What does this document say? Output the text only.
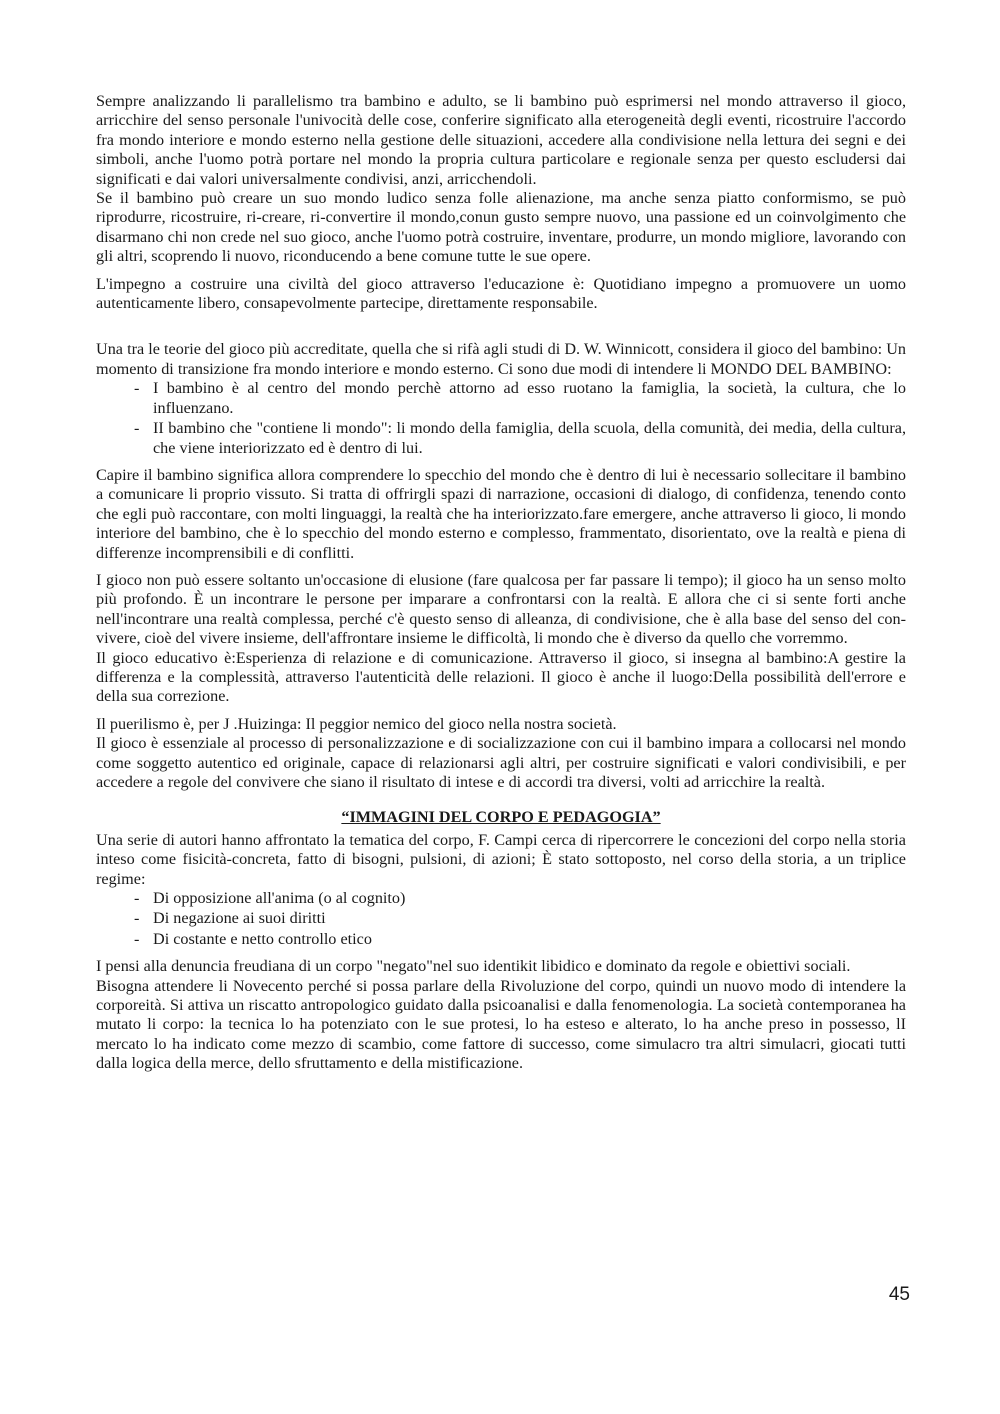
Sempre analizzando li parallelismo tra bambino e adulto, se li bambino può esprimersi nel mondo attraverso il gioco, arricchire del senso personale l'univocità delle cose, conferire significato alla eterogeneità degli eventi, ricostruire l'accordo fra mondo interiore e mondo esterno nella gestione delle situazioni, accedere alla condivisione nella lettura dei segni e dei simboli, anche l'uomo potrà portare nel mondo la propria cultura particolare e regionale senza per questo escludersi dai significati e dai valori universalmente condivisi, anzi, arricchendoli.

Se il bambino può creare un suo mondo ludico senza folle alienazione, ma anche senza piatto conformismo, se può riprodurre, ricostruire, ri-creare, ri-convertire il mondo,conun gusto sempre nuovo, una passione ed un coinvolgimento che disarmano chi non crede nel suo gioco, anche l'uomo potrà costruire, inventare, produrre, un mondo migliore, lavorando con gli altri, scoprendo li nuovo, riconducendo a bene comune tutte le sue opere.

L'impegno a costruire una civiltà del gioco attraverso l'educazione è: Quotidiano impegno a promuovere un uomo autenticamente libero, consapevolmente partecipe, direttamente responsabile.

Una tra le teorie del gioco più accreditate, quella che si rifà agli studi di D. W. Winnicott, considera il gioco del bambino: Un momento di transizione fra mondo interiore e mondo esterno. Ci sono due modi di intendere li MONDO DEL BAMBINO:

- I bambino è al centro del mondo perchè attorno ad esso ruotano la famiglia, la società, la cultura, che lo influenzano.
- II bambino che "contiene li mondo": li mondo della famiglia, della scuola, della comunità, dei media, della cultura, che viene interiorizzato ed è dentro di lui.

Capire il bambino significa allora comprendere lo specchio del mondo che è dentro di lui è necessario sollecitare il bambino a comunicare li proprio vissuto. Si tratta di offrirgli spazi di narrazione, occasioni di dialogo, di confidenza, tenendo conto che egli può raccontare, con molti linguaggi, la realtà che ha interiorizzato.fare emergere, anche attraverso li gioco, li mondo interiore del bambino, che è lo specchio del mondo esterno e complesso, frammentato, disorientato, ove la realtà e piena di differenze incomprensibili e di conflitti.

I gioco non può essere soltanto un'occasione di elusione (fare qualcosa per far passare li tempo); il gioco ha un senso molto più profondo. È un incontrare le persone per imparare a confrontarsi con la realtà. E allora che ci si sente forti anche nell'incontrare una realtà complessa, perché c'è questo senso di alleanza, di condivisione, che è alla base del senso del con-vivere, cioè del vivere insieme, dell'affrontare insieme le difficoltà, li mondo che è diverso da quello che vorremmo.

Il gioco educativo è:Esperienza di relazione e di comunicazione. Attraverso il gioco, si insegna al bambino:A gestire la differenza e la complessità, attraverso l'autenticità delle relazioni. Il gioco è anche il luogo:Della possibilità dell'errore e della sua correzione.

Il puerilismo è, per J .Huizinga: Il peggior nemico del gioco nella nostra società.

Il gioco è essenziale al processo di personalizzazione e di socializzazione con cui il bambino impara a collocarsi nel mondo come soggetto autentico ed originale, capace di relazionarsi agli altri, per costruire significati e valori condivisibili, e per accedere a regole del convivere che siano il risultato di intese e di accordi tra diversi, volti ad arricchire la realtà.

“IMMAGINI DEL CORPO E PEDAGOGIA”

Una serie di autori hanno affrontato la tematica del corpo, F. Campi cerca di ripercorrere le concezioni del corpo nella storia inteso come fisicità-concreta, fatto di bisogni, pulsioni, di azioni; È stato sottoposto, nel corso della storia, a un triplice regime:

- Di opposizione all'anima (o al cognito)
- Di negazione ai suoi diritti
- Di costante e netto controllo etico

I pensi alla denuncia freudiana di un corpo "negato"nel suo identikit libidico e dominato da regole e obiettivi sociali.

Bisogna attendere li Novecento perché si possa parlare della Rivoluzione del corpo, quindi un nuovo modo di intendere la corporeità. Si attiva un riscatto antropologico guidato dalla psicoanalisi e dalla fenomenologia. La società contemporanea ha mutato li corpo: la tecnica lo ha potenziato con le sue protesi, lo ha esteso e alterato, lo ha anche preso in possesso, lI mercato lo ha indicato come mezzo di scambio, come fattore di successo, come simulacro tra altri simulacri, giocati tutti dalla logica della merce, dello sfruttamento e della mistificazione.

45
